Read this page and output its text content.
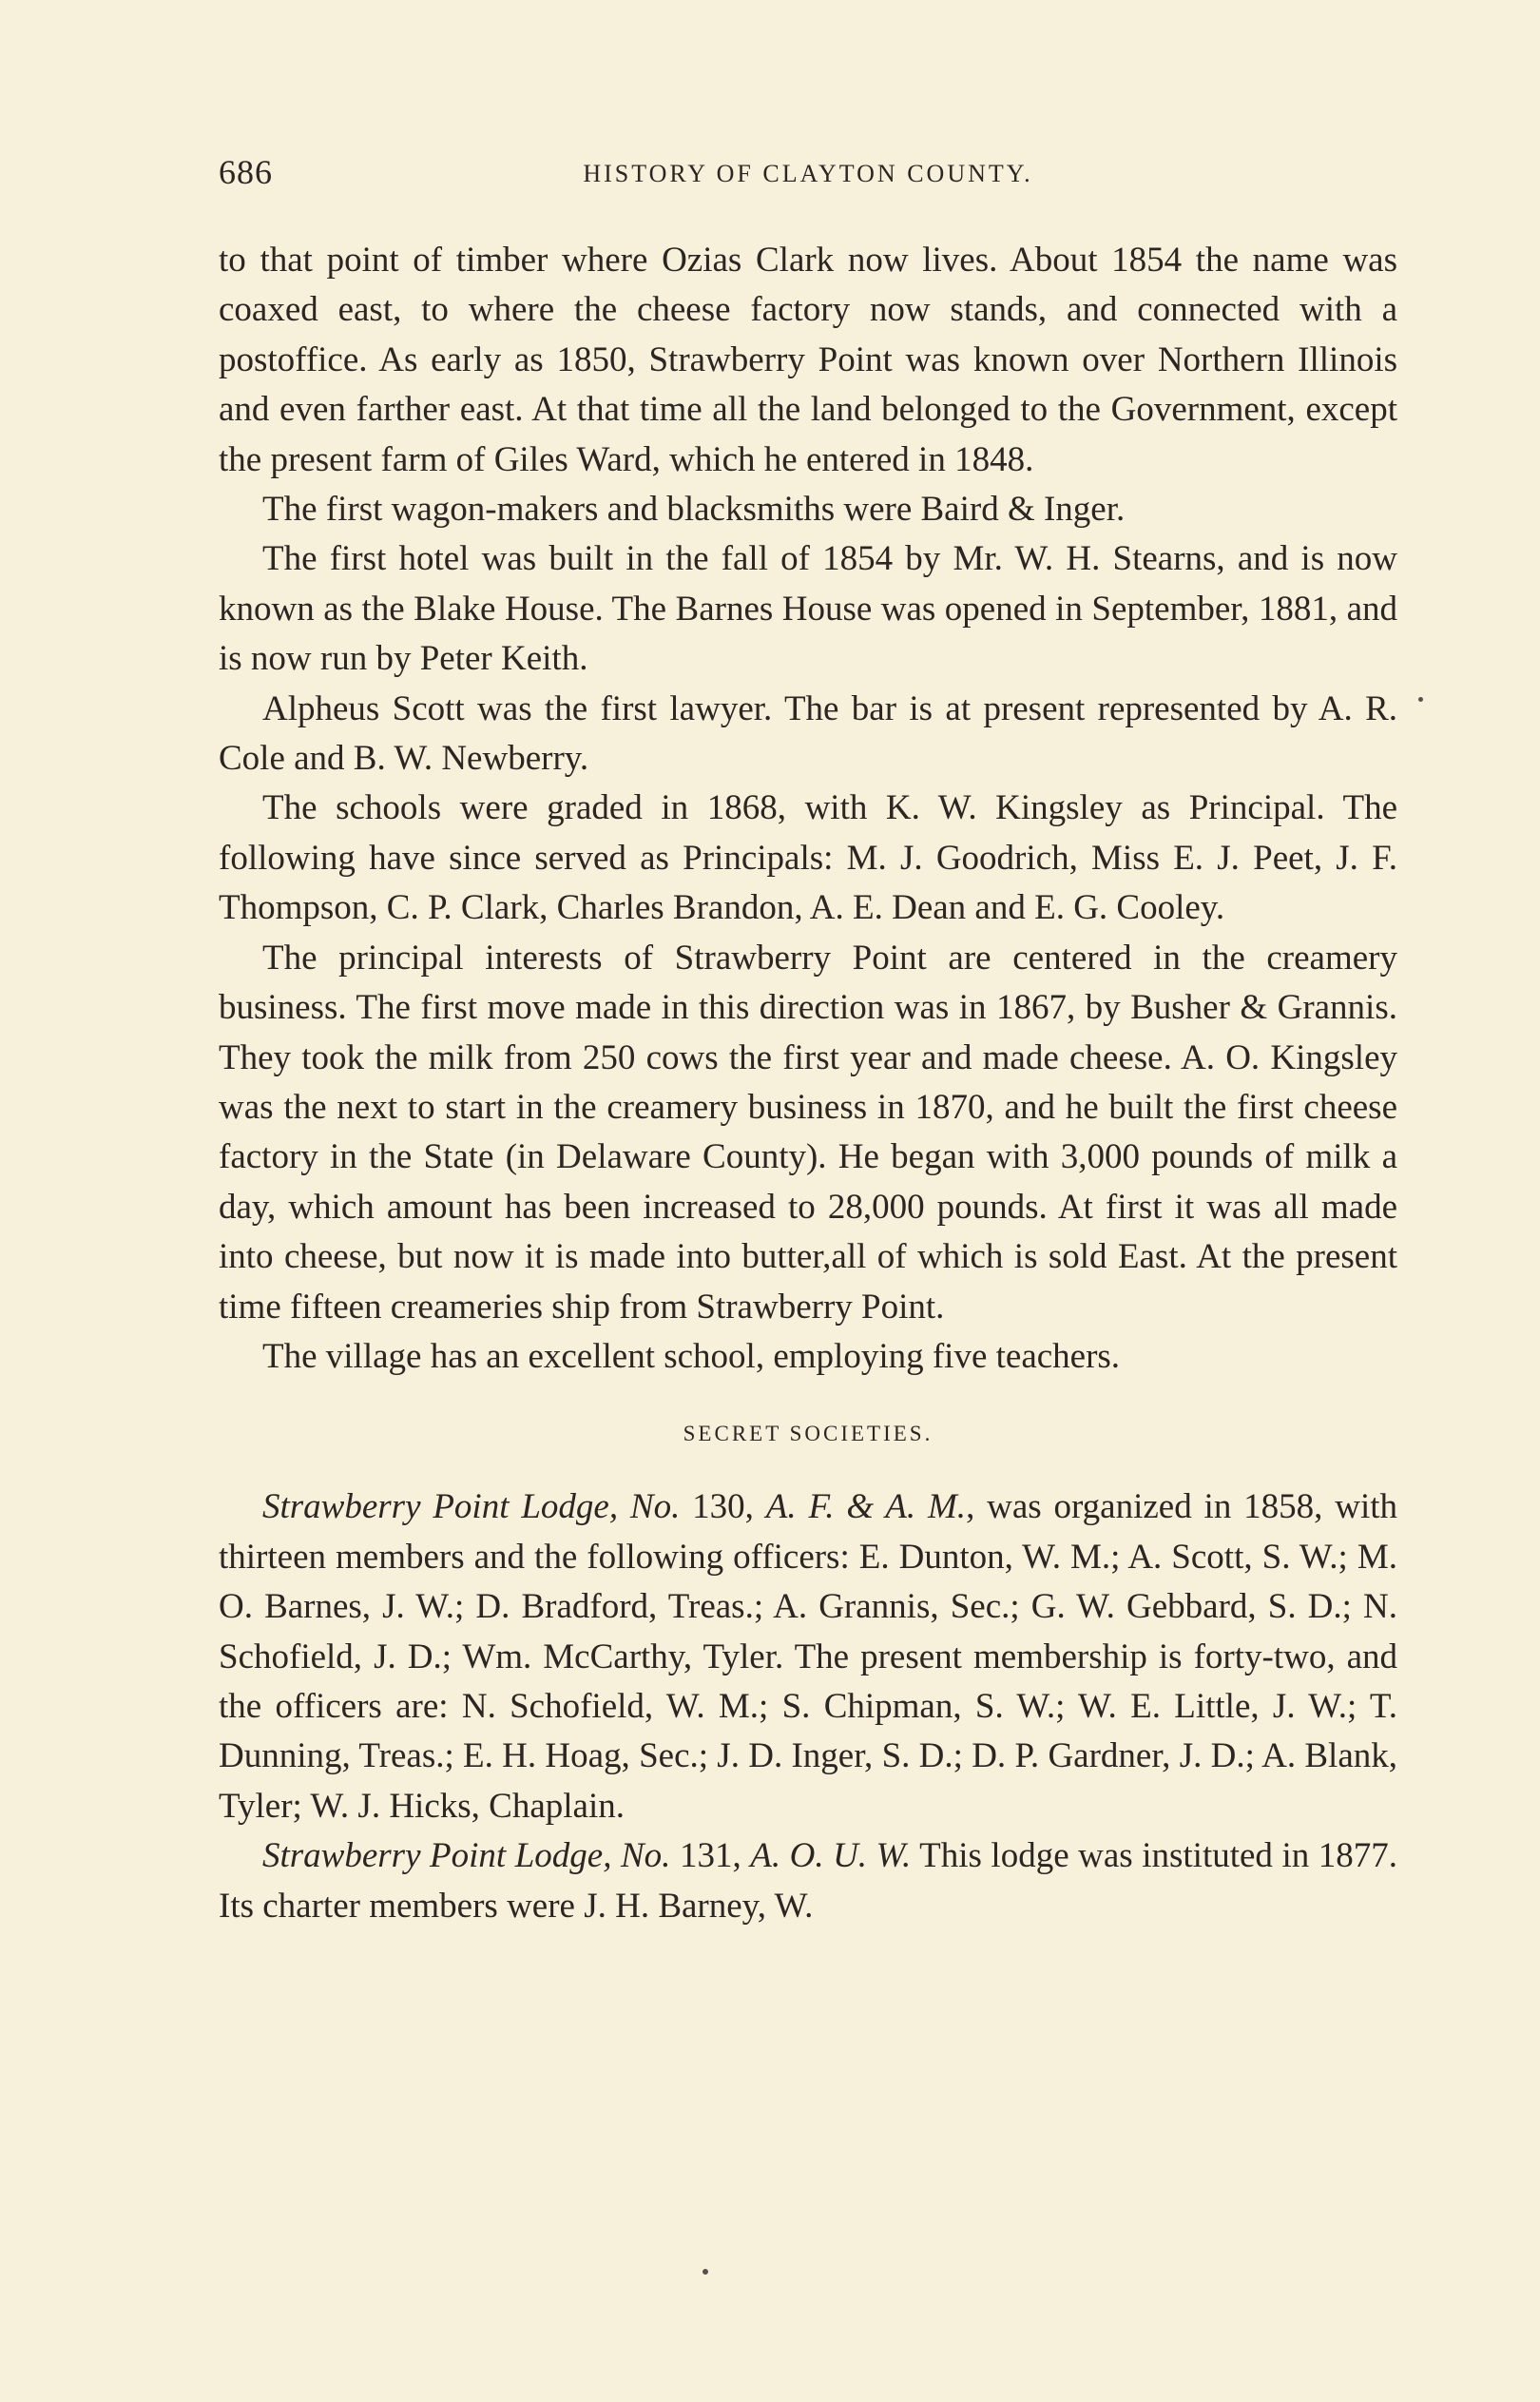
686	HISTORY OF CLAYTON COUNTY.

to that point of timber where Ozias Clark now lives. About 1854 the name was coaxed east, to where the cheese factory now stands, and connected with a postoffice. As early as 1850, Strawberry Point was known over Northern Illinois and even farther east. At that time all the land belonged to the Government, except the present farm of Giles Ward, which he entered in 1848.

The first wagon-makers and blacksmiths were Baird & Inger.

The first hotel was built in the fall of 1854 by Mr. W. H. Stearns, and is now known as the Blake House. The Barnes House was opened in September, 1881, and is now run by Peter Keith.

Alpheus Scott was the first lawyer. The bar is at present represented by A. R. Cole and B. W. Newberry.

The schools were graded in 1868, with K. W. Kingsley as Principal. The following have since served as Principals: M. J. Goodrich, Miss E. J. Peet, J. F. Thompson, C. P. Clark, Charles Brandon, A. E. Dean and E. G. Cooley.

The principal interests of Strawberry Point are centered in the creamery business. The first move made in this direction was in 1867, by Busher & Grannis. They took the milk from 250 cows the first year and made cheese. A. O. Kingsley was the next to start in the creamery business in 1870, and he built the first cheese factory in the State (in Delaware County). He began with 3,000 pounds of milk a day, which amount has been increased to 28,000 pounds. At first it was all made into cheese, but now it is made into butter,all of which is sold East. At the present time fifteen creameries ship from Strawberry Point.

The village has an excellent school, employing five teachers.

SECRET SOCIETIES.

Strawberry Point Lodge, No. 130, A. F. & A. M., was organized in 1858, with thirteen members and the following officers: E. Dunton, W. M.; A. Scott, S. W.; M. O. Barnes, J. W.; D. Bradford, Treas.; A. Grannis, Sec.; G. W. Gebbard, S. D.; N. Schofield, J. D.; Wm. McCarthy, Tyler. The present membership is forty-two, and the officers are: N. Schofield, W. M.; S. Chipman, S. W.; W. E. Little, J. W.; T. Dunning, Treas.; E. H. Hoag, Sec.; J. D. Inger, S. D.; D. P. Gardner, J. D.; A. Blank, Tyler; W. J. Hicks, Chaplain.

Strawberry Point Lodge, No. 131, A. O. U. W. This lodge was instituted in 1877. Its charter members were J. H. Barney, W.
